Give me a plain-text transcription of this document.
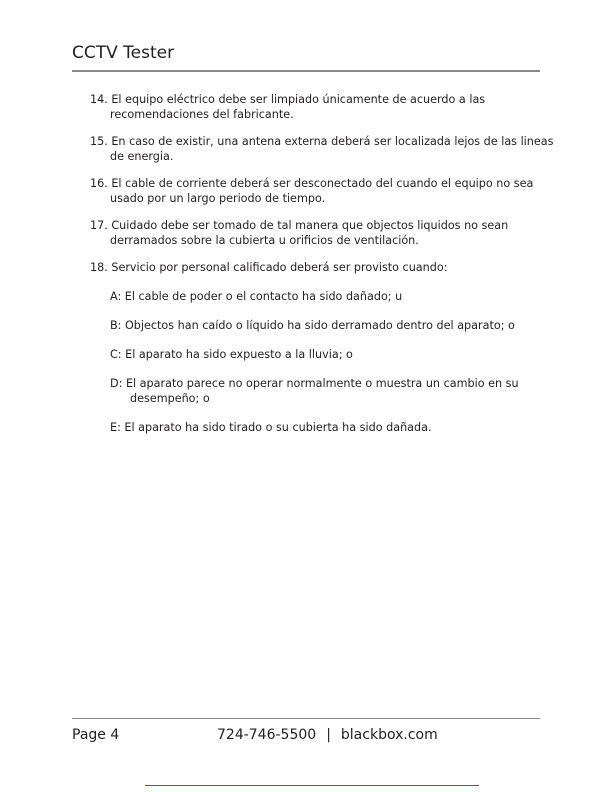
CCTV Tester
14. El equipo eléctrico debe ser limpiado únicamente de acuerdo a las
recomendaciones del fabricante.
15. En caso de existir, una antena externa deberá ser localizada lejos de las lineas
de energia.
16. El cable de corriente deberá ser desconectado del cuando el equipo no sea
usado por un largo periodo de tiempo.
17. Cuidado debe ser tomado de tal manera que objectos liquidos no sean
derramados sobre la cubierta u orificios de ventilación.
18. Servicio por personal calificado deberá ser provisto cuando:
A: El cable de poder o el contacto ha sido dañado; u
B: Objectos han caído o líquido ha sido derramado dentro del aparato; o
C: El aparato ha sido expuesto a la lluvia; o
D: El aparato parece no operar normalmente o muestra un cambio en su
desempeño; o
E: El aparato ha sido tirado o su cubierta ha sido dañada.
Page 4	724-746-5500 | blackbox.com
